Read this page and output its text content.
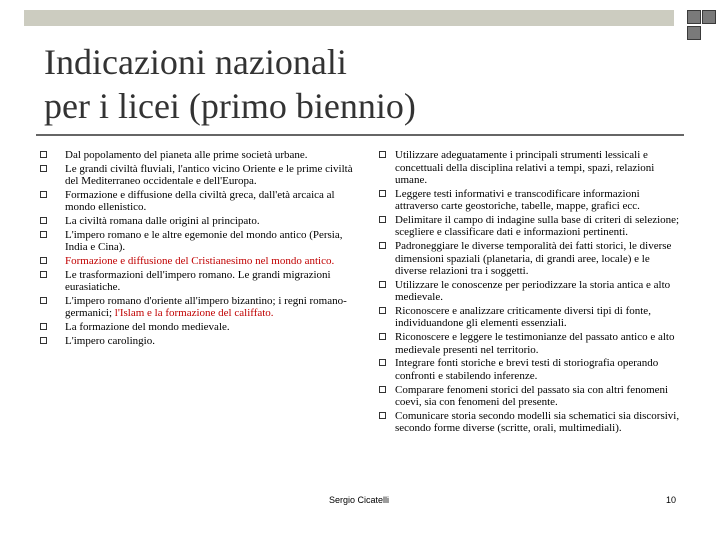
Indicazioni nazionali
per i licei (primo biennio)
Dal popolamento del pianeta alle prime società urbane.
Le grandi civiltà fluviali, l'antico vicino Oriente e le prime civiltà del Mediterraneo occidentale e dell'Europa.
Formazione e diffusione della civiltà greca, dall'età arcaica al mondo ellenistico.
La civiltà romana dalle origini al principato.
L'impero romano e le altre egemonie del mondo antico (Persia, India e Cina).
Formazione e diffusione del Cristianesimo nel mondo antico.
Le trasformazioni dell'impero romano. Le grandi migrazioni eurasiatiche.
L'impero romano d'oriente all'impero bizantino; i regni romano-germanici; l'Islam e la formazione del califfato.
La formazione del mondo medievale.
L'impero carolingio.
Utilizzare adeguatamente i principali strumenti lessicali e concettuali della disciplina relativi a tempi, spazi, relazioni umane.
Leggere testi informativi e transcodificare informazioni attraverso carte geostoriche, tabelle, mappe, grafici ecc.
Delimitare il campo di indagine sulla base di criteri di selezione; scegliere e classificare dati e informazioni pertinenti.
Padroneggiare le diverse temporalità dei fatti storici, le diverse dimensioni spaziali (planetaria, di grandi aree, locale) e le diverse relazioni tra i soggetti.
Utilizzare le conoscenze per periodizzare la storia antica e alto medievale.
Riconoscere e analizzare criticamente diversi tipi di fonte, individuandone gli elementi essenziali.
Riconoscere e leggere le testimonianze del passato antico e alto medievale presenti nel territorio.
Integrare fonti storiche e brevi testi di storiografia operando confronti e stabilendo inferenze.
Comparare fenomeni storici del passato sia con altri fenomeni coevi, sia con fenomeni del presente.
Comunicare storia secondo modelli sia schematici sia discorsivi, secondo forme diverse (scritte, orali, multimediali).
Sergio Cicatelli	10
